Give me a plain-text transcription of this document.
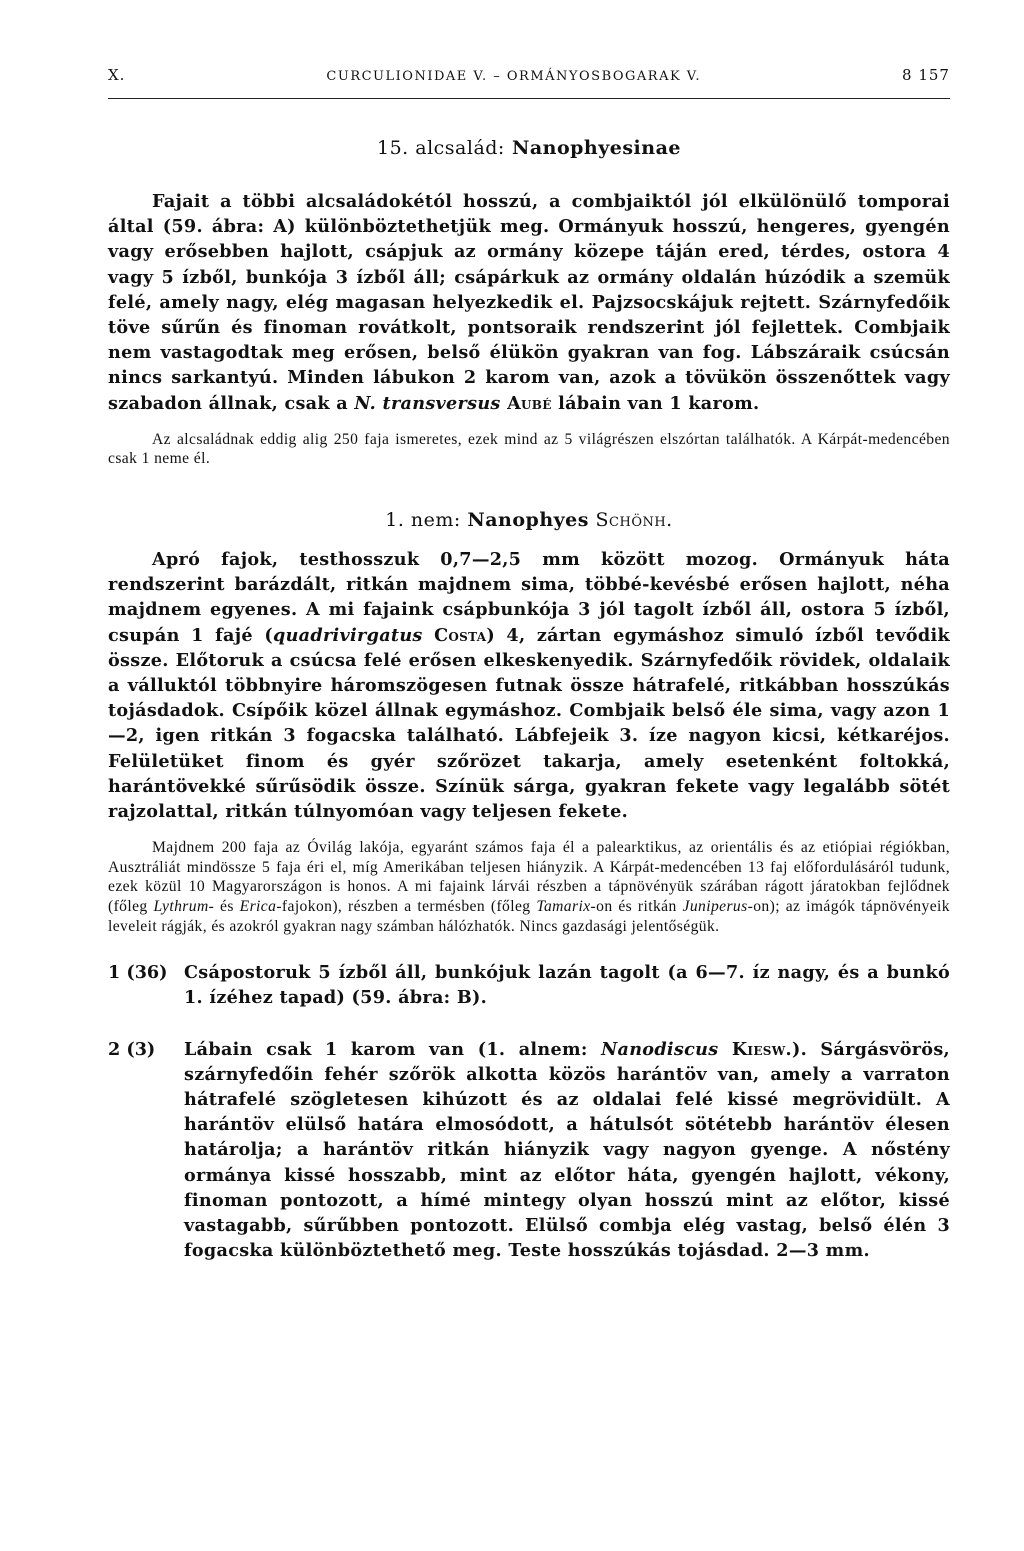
X.	CURCULIONIDAE V. – ORMÁNYOSBOGARAK V.	8 157
15. alcsalád: Nanophyesinae

Fajait a többi alcsaládokétól hosszú, a combjaiktól jól elkülönülő tomporai által (59. ábra: A) különböztethetjük meg. Ormányuk hosszú, hengeres, gyengén vagy erősebben hajlott, csápjuk az ormány közepe táján ered, térdes, ostora 4 vagy 5 ízből, bunkója 3 ízből áll; csápárkuk az ormány oldalán húzódik a szemük felé, amely nagy, elég magasan helyezkedik el. Pajzsocskájuk rejtett. Szárnyfedőik töve sűrűn és finoman rovátkolt, pontsoraik rendszerint jól fejlettek. Combjaik nem vastagodtak meg erősen, belső élükön gyakran van fog. Lábszáraik csúcsán nincs sarkantyú. Minden lábukon 2 karom van, azok a tövükön összenőttek vagy szabadon állnak, csak a N. transversus Aubé lábain van 1 karom.

Az alcsaládnak eddig alig 250 faja ismeretes, ezek mind az 5 világrészen elszórtan találhatók. A Kárpát-medencében csak 1 neme él.

1. nem: Nanophyes Schönh.

Apró fajok, testhosszuk 0,7—2,5 mm között mozog. Ormányuk háta rendszerint barázdált, ritkán majdnem sima, többé-kevésbé erősen hajlott, néha majdnem egyenes. A mi fajaink csápbunkója 3 jól tagolt ízből áll, ostora 5 ízből, csupán 1 fajé (quadrivirgatus Costa) 4, zártan egymáshoz simuló ízből tevődik össze. Előtoruk a csúcsa felé erősen elkeskenyedik. Szárnyfedőik rövidek, oldalaik a válluktól többnyire háromszögesen futnak össze hátrafelé, ritkábban hosszúkás tojásdadok. Csípőik közel állnak egymáshoz. Combjaik belső éle sima, vagy azon 1—2, igen ritkán 3 fogacska található. Lábfejeik 3. íze nagyon kicsi, kétkaréjos. Felületüket finom és gyér szőrözet takarja, amely esetenként foltokká, harántövekké sűrűsödik össze. Színük sárga, gyakran fekete vagy legalább sötét rajzolattal, ritkán túlnyomóan vagy teljesen fekete.

Majdnem 200 faja az Óvilág lakója, egyaránt számos faja él a palearktikus, az orientális és az etiópiai régiókban, Ausztráliát mindössze 5 faja éri el, míg Amerikában teljesen hiányzik. A Kárpát-medencében 13 faj előfordulásáról tudunk, ezek közül 10 Magyarországon is honos. A mi fajaink lárvái részben a tápnövényük szárában rágott járatokban fejlődnek (főleg Lythrum- és Erica-fajokon), részben a termésben (főleg Tamarix-on és ritkán Juniperus-on); az imágók tápnövényeik leveleit rágják, és azokról gyakran nagy számban hálózhatók. Nincs gazdasági jelentőségük.

1 (36) Csápostoruk 5 ízből áll, bunkójuk lazán tagolt (a 6—7. íz nagy, és a bunkó 1. ízéhez tapad) (59. ábra: B).
2 (3)	Lábain csak 1 karom van (1. alnem: Nanodiscus Kiesw.). Sárgásvörös, szárnyfedőin fehér szőrök alkotta közös harántöv van, amely a varraton hátrafelé szögletesen kihúzott és az oldalai felé kissé megrövidült. A harántöv elülső határa elmosódott, a hátulsót sötétebb harántöv élesen határolja; a harántöv ritkán hiányzik vagy nagyon gyenge. A nőstény ormánya kissé hosszabb, mint az előtor háta, gyengén hajlott, vékony, finoman pontozott, a hímé mintegy olyan hosszú mint az előtor, kissé vastagabb, sűrűbben pontozott. Elülső combja elég vastag, belső élén 3 fogacska különböztethető meg. Teste hosszúkás tojásdad. 2—3 mm.
